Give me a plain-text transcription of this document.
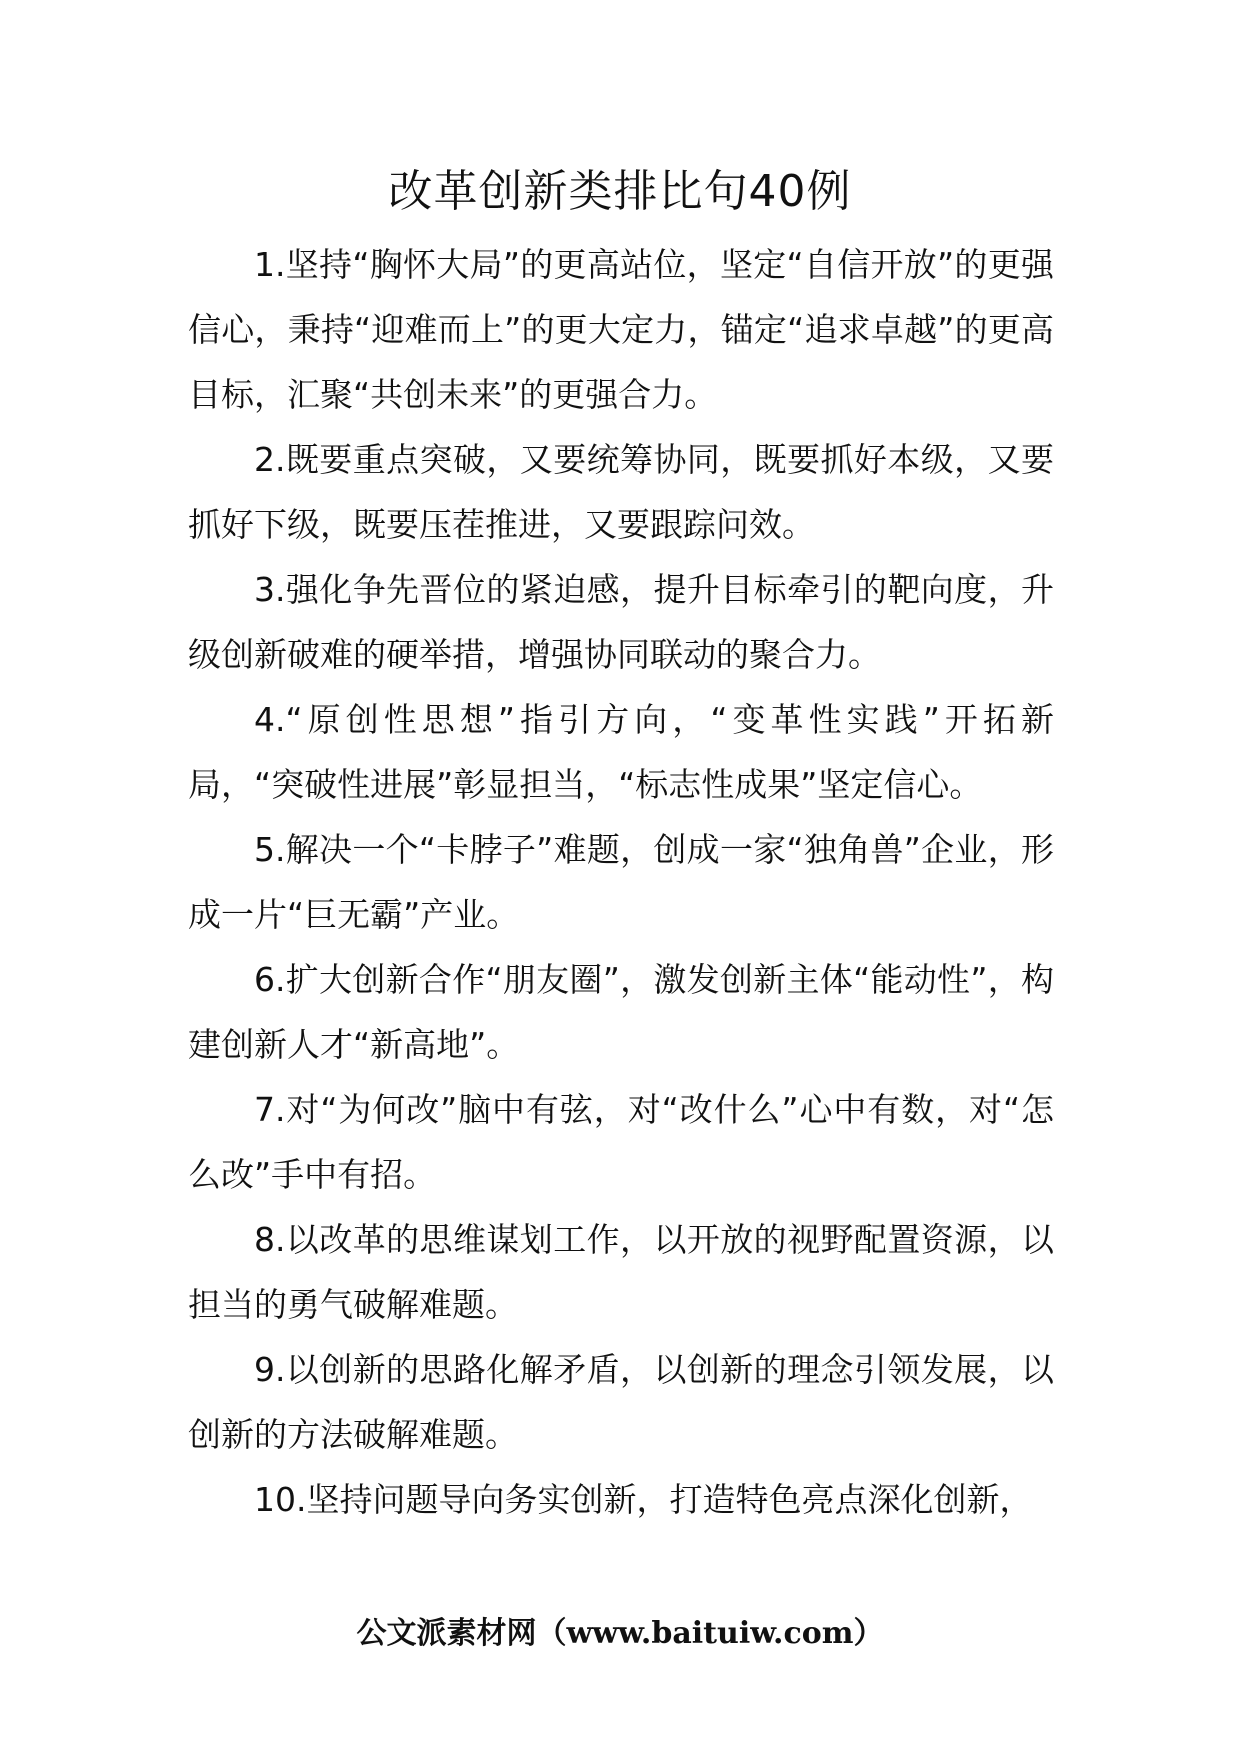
改革创新类排比句40例

1.坚持“胸怀大局”的更高站位，坚定“自信开放”的更强信心，秉持“迎难而上”的更大定力，锚定“追求卓越”的更高目标，汇聚“共创未来”的更强合力。

2.既要重点突破，又要统筹协同，既要抓好本级，又要抓好下级，既要压茬推进，又要跟踪问效。

3.强化争先晋位的紧迫感，提升目标牵引的靶向度，升级创新破难的硬举措，增强协同联动的聚合力。

4.“原创性思想”指引方向，“变革性实践”开拓新局，“突破性进展”彰显担当，“标志性成果”坚定信心。

5.解决一个“卡脖子”难题，创成一家“独角兽”企业，形成一片“巨无霸”产业。

6.扩大创新合作“朋友圈”，激发创新主体“能动性”，构建创新人才“新高地”。

7.对“为何改”脑中有弦，对“改什么”心中有数，对“怎么改”手中有招。

8.以改革的思维谋划工作，以开放的视野配置资源，以担当的勇气破解难题。

9.以创新的思路化解矛盾，以创新的理念引领发展，以创新的方法破解难题。

10.坚持问题导向务实创新，打造特色亮点深化创新，

公文派素材网（www.baituiw.com）
